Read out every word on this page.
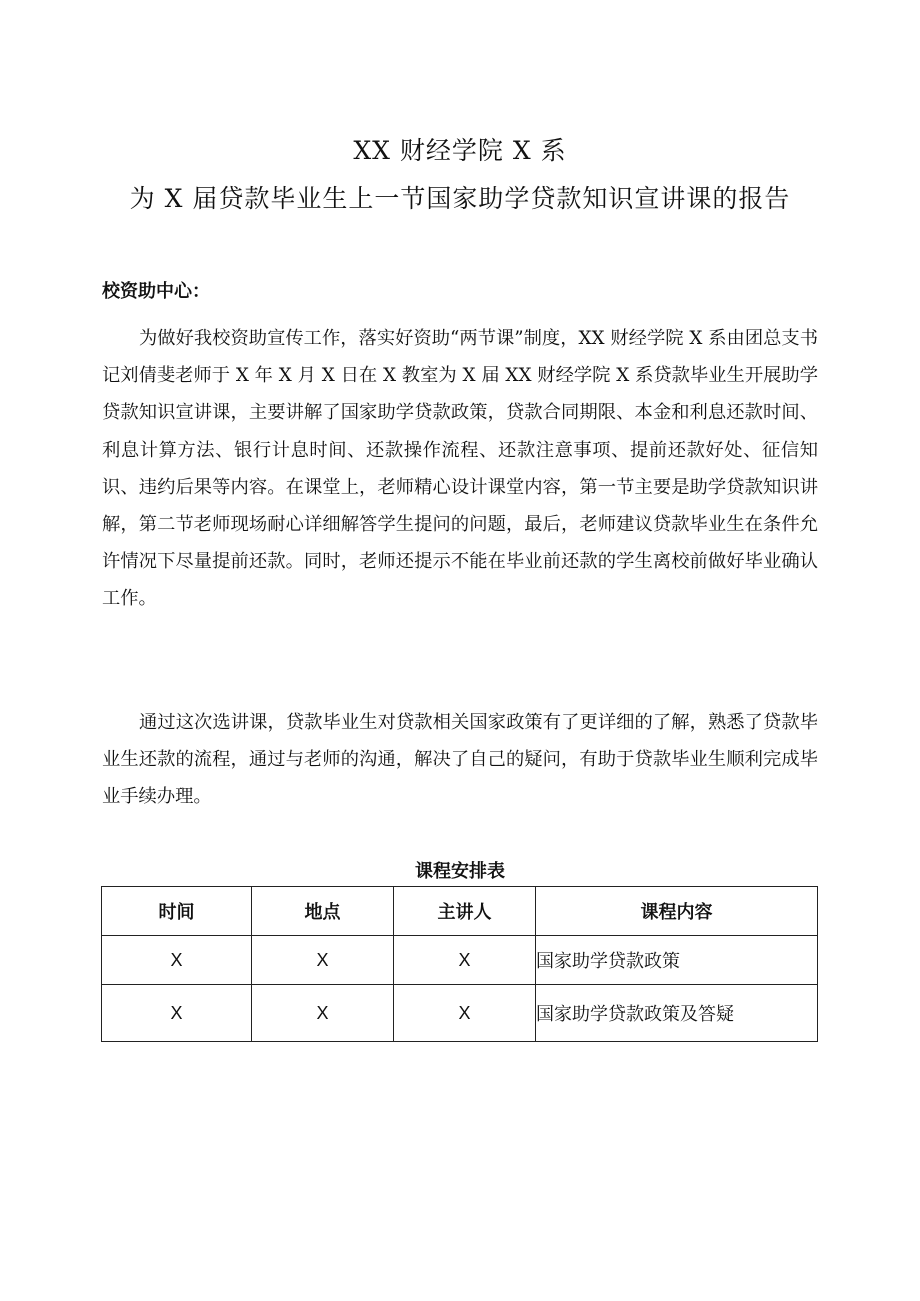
XX 财经学院 X 系
为 X 届贷款毕业生上一节国家助学贷款知识宣讲课的报告
校资助中心：

为做好我校资助宣传工作，落实好资助“两节课”制度，XX 财经学院 X 系由团总支书记刘倩斐老师于 X 年 X 月 X 日在 X 教室为 X 届 XX 财经学院 X 系贷款毕业生开展助学贷款知识宣讲课，主要讲解了国家助学贷款政策，贷款合同期限、本金和利息还款时间、利息计算方法、银行计息时间、还款操作流程、还款注意事项、提前还款好处、征信知识、违约后果等内容。在课堂上，老师精心设计课堂内容，第一节主要是助学贷款知识讲解，第二节老师现场耐心详细解答学生提问的问题，最后，老师建议贷款毕业生在条件允许情况下尽量提前还款。同时，老师还提示不能在毕业前还款的学生离校前做好毕业确认工作。

通过这次选讲课，贷款毕业生对贷款相关国家政策有了更详细的了解，熟悉了贷款毕业生还款的流程，通过与老师的沟通，解决了自己的疑问，有助于贷款毕业生顺利完成毕业手续办理。

课程安排表
时间	地点	主讲人	课程内容
X	X	X	国家助学贷款政策
X	X	X	国家助学贷款政策及答疑
